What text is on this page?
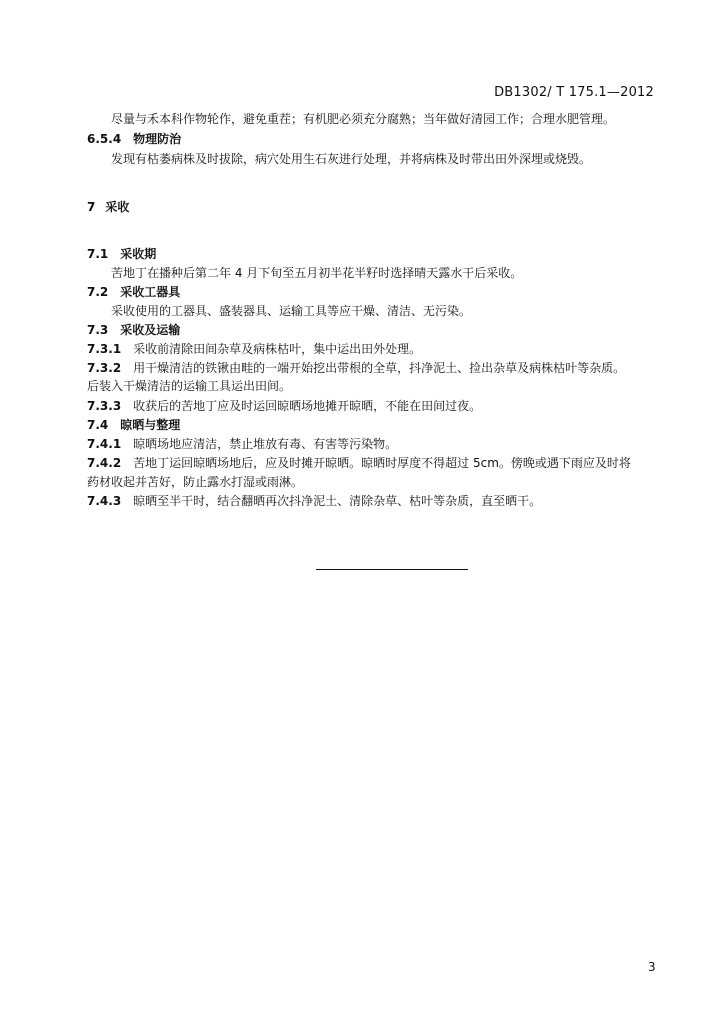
DB1302/ T 175.1—2012
尽量与禾本科作物轮作，避免重茬；有机肥必须充分腐熟；当年做好清园工作；合理水肥管理。
6.5.4 物理防治
发现有枯萎病株及时拔除，病穴处用生石灰进行处理，并将病株及时带出田外深埋或烧毁。
7 采收
7.1 采收期
苦地丁在播种后第二年 4 月下旬至五月初半花半籽时选择晴天露水干后采收。
7.2 采收工器具
采收使用的工器具、盛装器具、运输工具等应干燥、清洁、无污染。
7.3 采收及运输
7.3.1 采收前清除田间杂草及病株枯叶，集中运出田外处理。
7.3.2 用干燥清洁的铁锹由畦的一端开始挖出带根的全草，抖净泥土、捡出杂草及病株枯叶等杂质。
后装入干燥清洁的运输工具运出田间。
7.3.3 收获后的苦地丁应及时运回晾晒场地摊开晾晒，不能在田间过夜。
7.4 晾晒与整理
7.4.1 晾晒场地应清洁，禁止堆放有毒、有害等污染物。
7.4.2 苦地丁运回晾晒场地后，应及时摊开晾晒。晾晒时厚度不得超过 5cm。傍晚或遇下雨应及时将
药材收起并苫好，防止露水打湿或雨淋。
7.4.3 晾晒至半干时，结合翻晒再次抖净泥土、清除杂草、枯叶等杂质，直至晒干。
3
